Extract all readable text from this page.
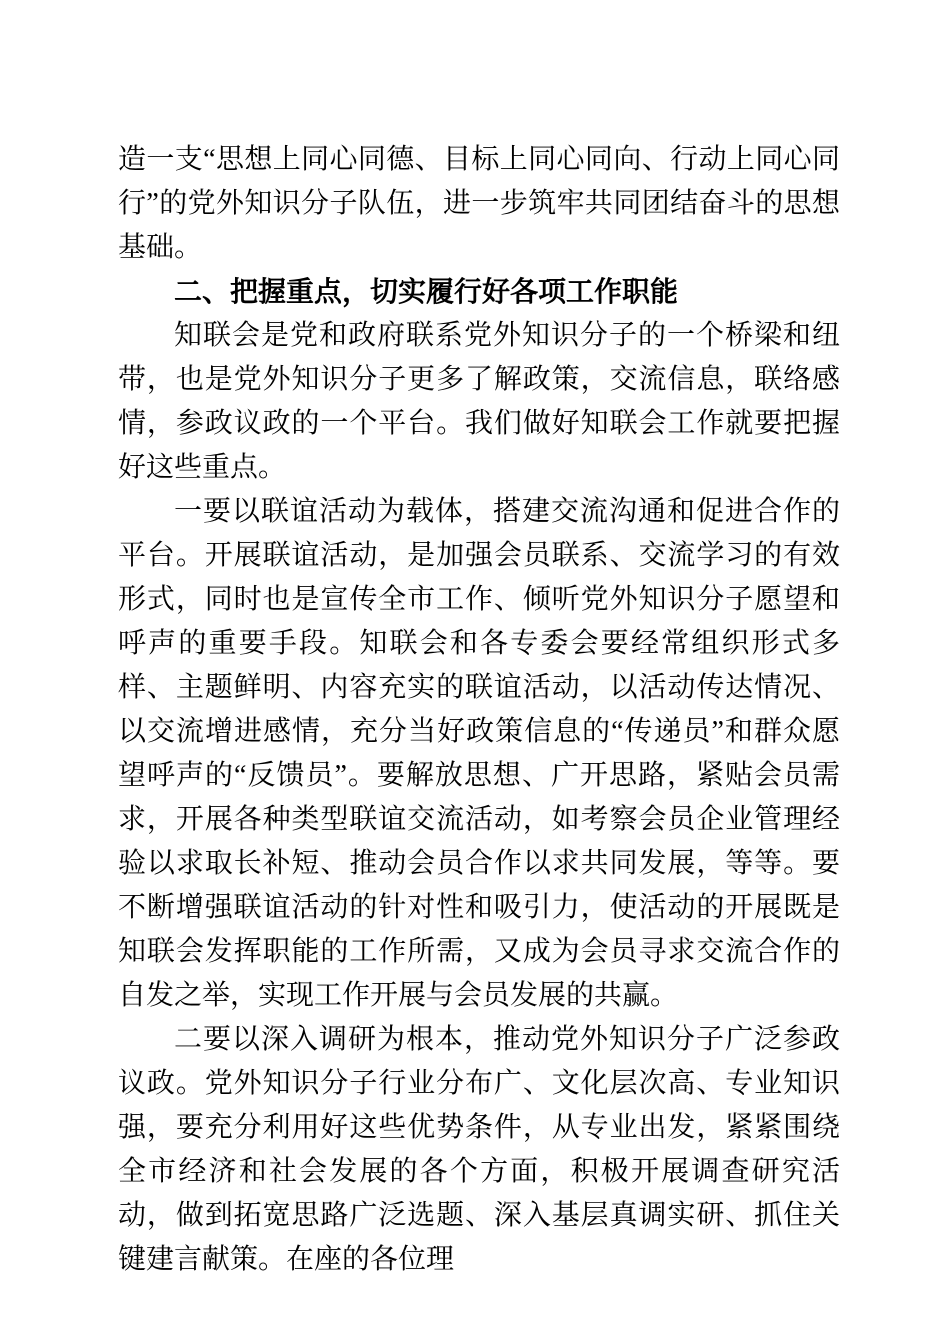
造一支“思想上同心同德、目标上同心同向、行动上同心同行”的党外知识分子队伍，进一步筑牢共同团结奋斗的思想基础。

二、把握重点，切实履行好各项工作职能

知联会是党和政府联系党外知识分子的一个桥梁和纽带，也是党外知识分子更多了解政策，交流信息，联络感情，参政议政的一个平台。我们做好知联会工作就要把握好这些重点。

一要以联谊活动为载体，搭建交流沟通和促进合作的平台。开展联谊活动，是加强会员联系、交流学习的有效形式，同时也是宣传全市工作、倾听党外知识分子愿望和呼声的重要手段。知联会和各专委会要经常组织形式多样、主题鲜明、内容充实的联谊活动，以活动传达情况、以交流增进感情，充分当好政策信息的“传递员”和群众愿望呼声的“反馈员”。要解放思想、广开思路，紧贴会员需求，开展各种类型联谊交流活动，如考察会员企业管理经验以求取长补短、推动会员合作以求共同发展，等等。要不断增强联谊活动的针对性和吸引力，使活动的开展既是知联会发挥职能的工作所需，又成为会员寻求交流合作的自发之举，实现工作开展与会员发展的共赢。

二要以深入调研为根本，推动党外知识分子广泛参政议政。党外知识分子行业分布广、文化层次高、专业知识强，要充分利用好这些优势条件，从专业出发，紧紧围绕全市经济和社会发展的各个方面，积极开展调查研究活动，做到拓宽思路广泛选题、深入基层真调实研、抓住关键建言献策。在座的各位理
